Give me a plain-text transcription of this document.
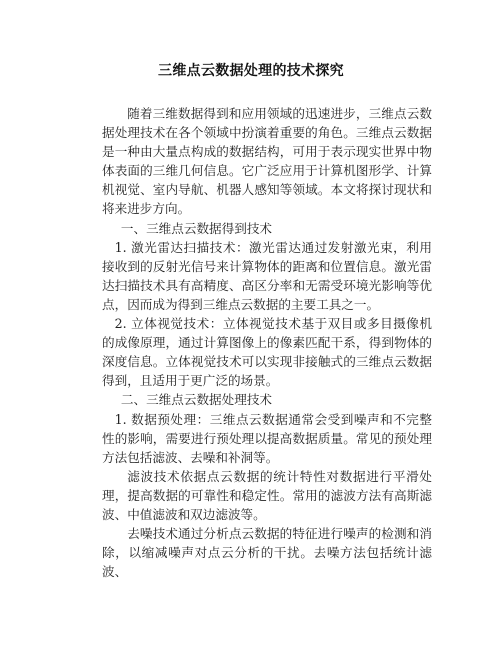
三维点云数据处理的技术探究

随着三维数据得到和应用领域的迅速进步，三维点云数据处理技术在各个领域中扮演着重要的角色。三维点云数据是一种由大量点构成的数据结构，可用于表示现实世界中物体表面的三维几何信息。它广泛应用于计算机图形学、计算机视觉、室内导航、机器人感知等领域。本文将探讨现状和将来进步方向。

一、三维点云数据得到技术

1. 激光雷达扫描技术：激光雷达通过发射激光束，利用接收到的反射光信号来计算物体的距离和位置信息。激光雷达扫描技术具有高精度、高区分率和无需受环境光影响等优点，因而成为得到三维点云数据的主要工具之一。

2. 立体视觉技术：立体视觉技术基于双目或多目摄像机的成像原理，通过计算图像上的像素匹配干系，得到物体的深度信息。立体视觉技术可以实现非接触式的三维点云数据得到，且适用于更广泛的场景。

二、三维点云数据处理技术

1. 数据预处理：三维点云数据通常会受到噪声和不完整性的影响，需要进行预处理以提高数据质量。常见的预处理方法包括滤波、去噪和补洞等。

滤波技术依据点云数据的统计特性对数据进行平滑处理，提高数据的可靠性和稳定性。常用的滤波方法有高斯滤波、中值滤波和双边滤波等。

去噪技术通过分析点云数据的特征进行噪声的检测和消除，以缩减噪声对点云分析的干扰。去噪方法包括统计滤波、
